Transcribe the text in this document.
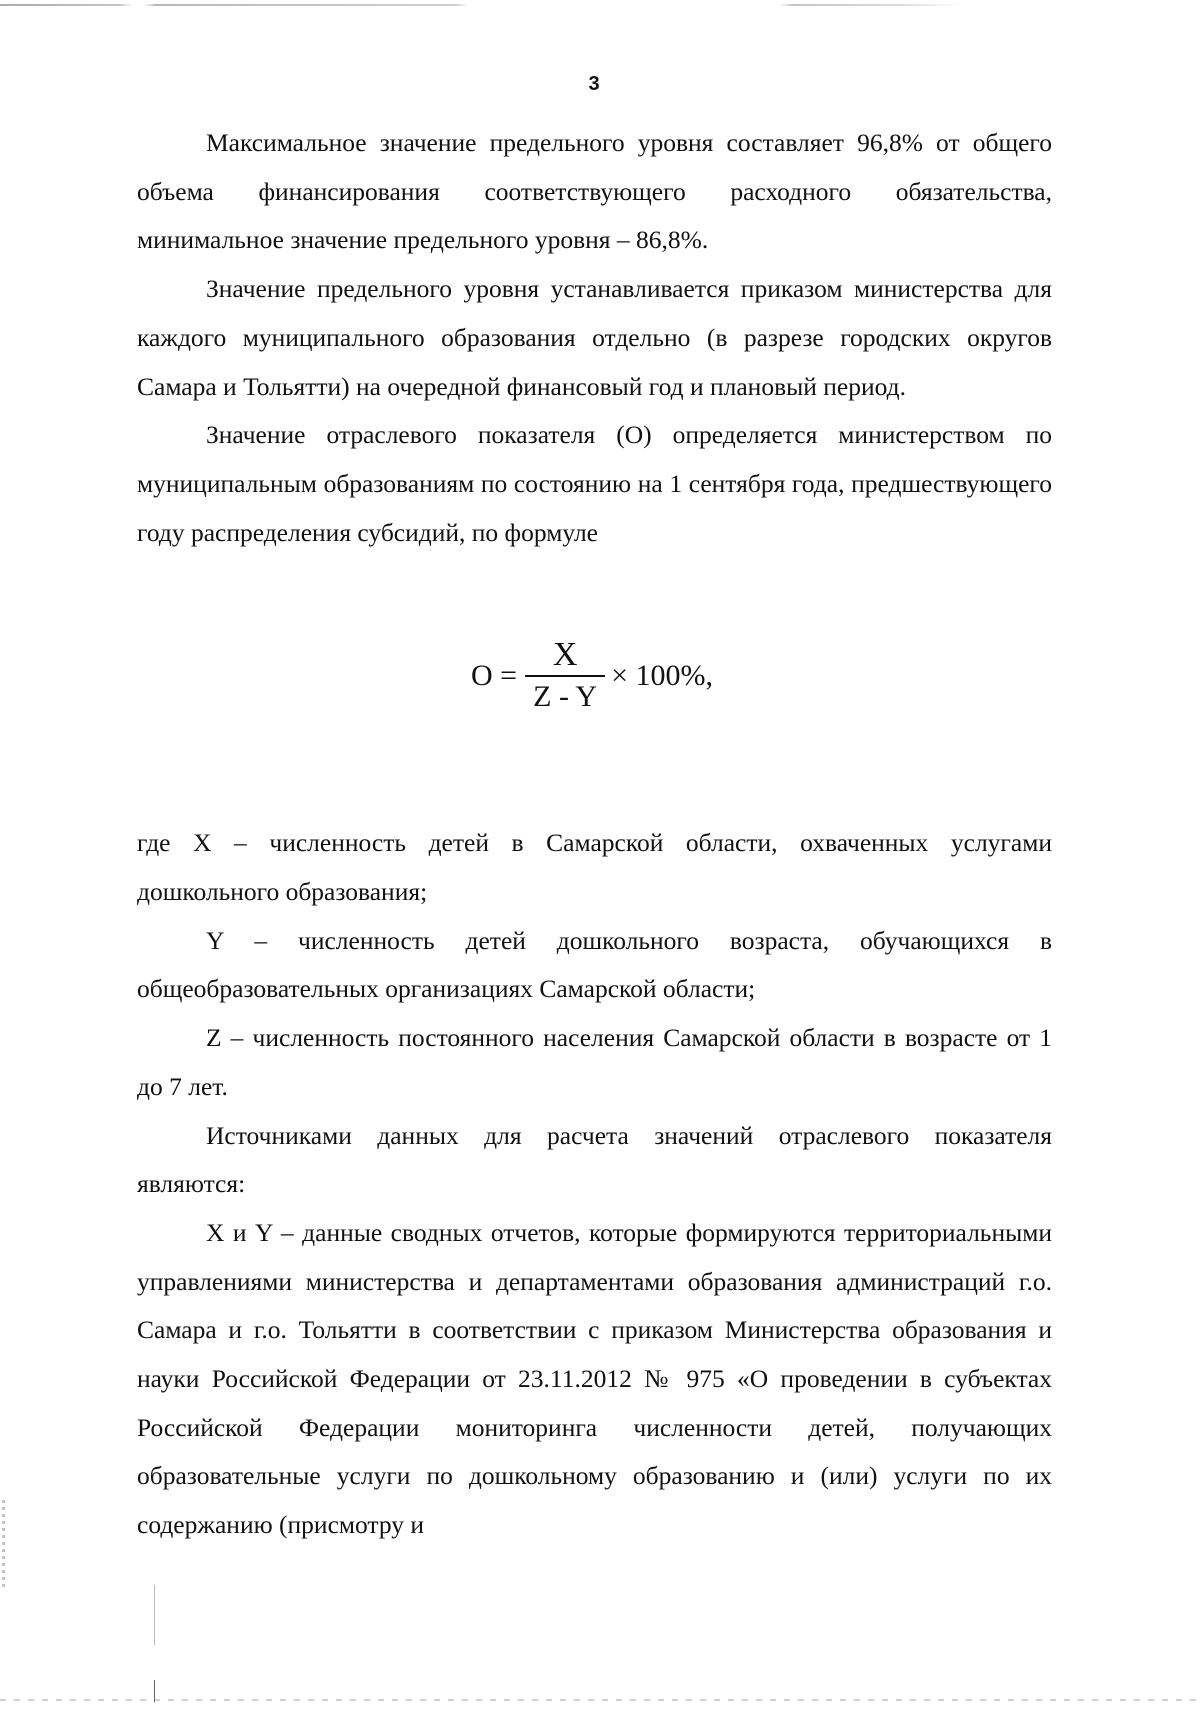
3

Максимальное значение предельного уровня составляет 96,8% от общего объема финансирования соответствующего расходного обязательства, минимальное значение предельного уровня – 86,8%.

Значение предельного уровня устанавливается приказом министерства для каждого муниципального образования отдельно (в разрезе городских округов Самара и Тольятти) на очередной финансовый год и плановый период.

Значение отраслевого показателя (О) определяется министерством по муниципальным образованиям по состоянию на 1 сентября года, предшествующего году распределения субсидий, по формуле

$О = \frac{X}{Z - Y} \times 100\%$,

где X – численность детей в Самарской области, охваченных услугами дошкольного образования;

Y – численность детей дошкольного возраста, обучающихся в общеобразовательных организациях Самарской области;

Z – численность постоянного населения Самарской области в возрасте от 1 до 7 лет.

Источниками данных для расчета значений отраслевого показателя являются:

X и Y – данные сводных отчетов, которые формируются территориальными управлениями министерства и департаментами образования администраций г.о. Самара и г.о. Тольятти в соответствии с приказом Министерства образования и науки Российской Федерации от 23.11.2012 № 975 «О проведении в субъектах Российской Федерации мониторинга численности детей, получающих образовательные услуги по дошкольному образованию и (или) услуги по их содержанию (присмотру и
